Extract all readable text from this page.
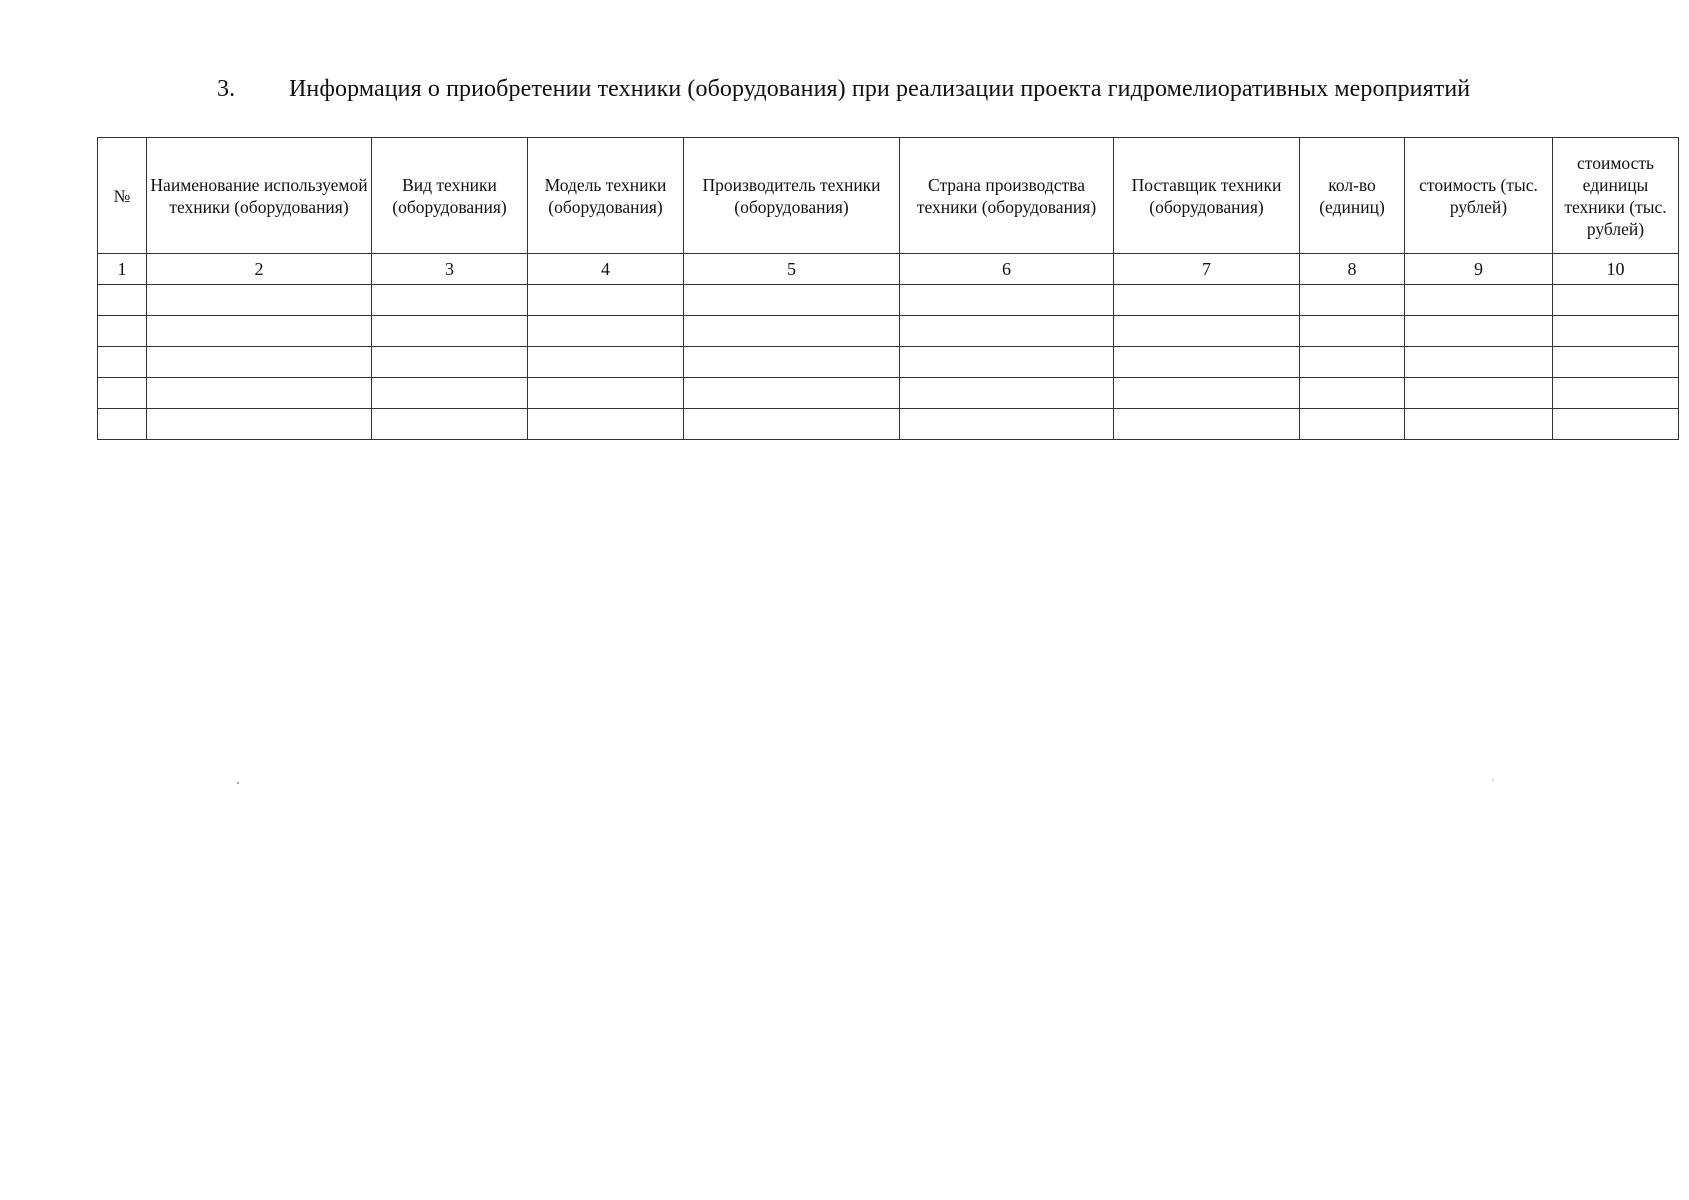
3. Информация о приобретении техники (оборудования) при реализации проекта гидромелиоративных мероприятий
№	Наименование используемой техники (оборудования)	Вид техники (оборудования)	Модель техники (оборудования)	Производитель техники (оборудования)	Страна производства техники (оборудования)	Поставщик техники (оборудования)	кол-во (единиц)	стоимость (тыс. рублей)	стоимость единицы техники (тыс. рублей)
1	2	3	4	5	6	7	8	9	10
